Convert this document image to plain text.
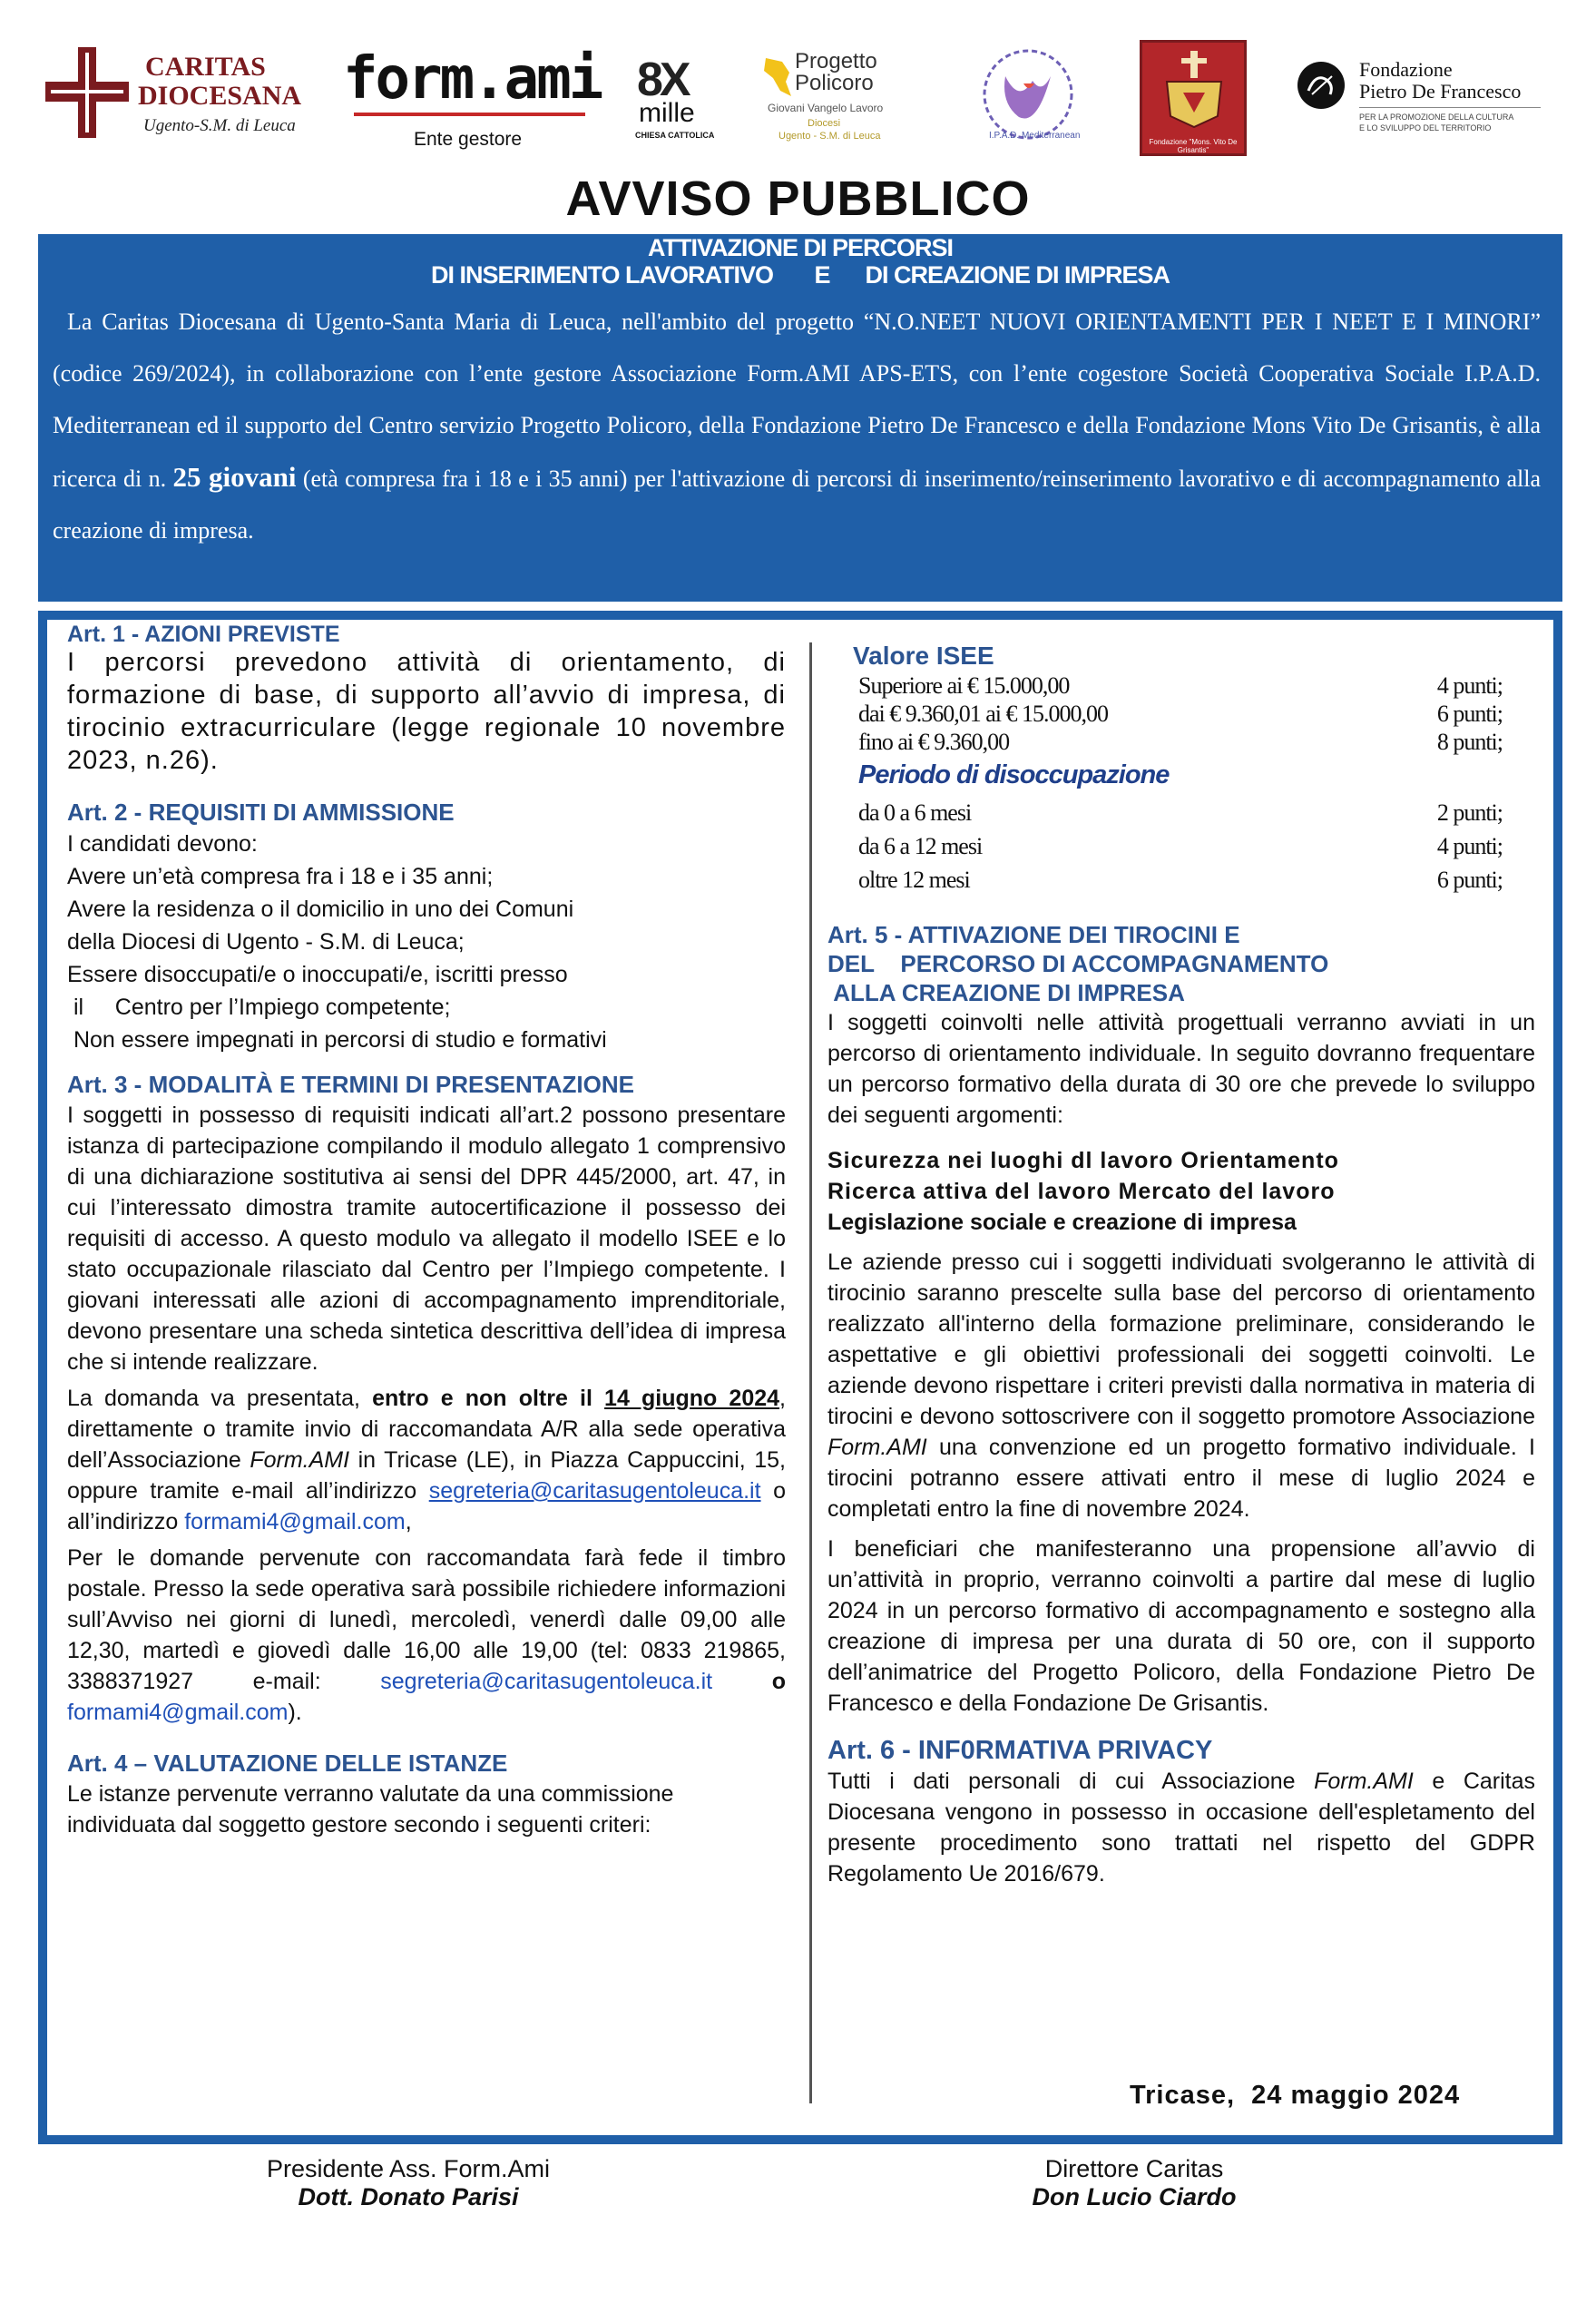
CARITAS
DIOCESANA
Ugento-S.M. di Leuca
form.ami
Ente gestore
8X
mille
CHIESA CATTOLICA
Progetto
Policoro
Giovani Vangelo Lavoro
Diocesi
Ugento - S.M. di Leuca	I.P.A.D. Mediterranean
Fondazione "Mons. Vito De Grisantis"
Fondazione
Pietro De Francesco
PER LA PROMOZIONE DELLA CULTURA
E LO SVILUPPO DEL TERRITORIO
AVVISO PUBBLICO
ATTIVAZIONE DI PERCORSI
DI INSERIMENTO LAVORATIVO       E      DI CREAZIONE DI IMPRESA
La Caritas Diocesana di Ugento-Santa Maria di Leuca, nell'ambito del progetto “N.O.NEET NUOVI ORIENTAMENTI PER I NEET E I MINORI” (codice 269/2024), in collaborazione con l’ente gestore Associazione Form.AMI APS-ETS, con l’ente cogestore Società Cooperativa Sociale I.P.A.D. Mediterranean ed il supporto del Centro servizio Progetto Policoro, della Fondazione Pietro De Francesco e della Fondazione Mons Vito De Grisantis, è alla ricerca di n. 25 giovani (età compresa fra i 18 e i 35 anni) per l'attivazione di percorsi di inserimento/reinserimento lavorativo e di accompagnamento alla creazione di impresa.
Art. 1 - AZIONI PREVISTE
I percorsi prevedono attività di orientamento, di formazione di base, di supporto all’avvio di impresa, di tirocinio extracurriculare (legge regionale 10 novembre 2023, n.26).
Art. 2 - REQUISITI DI AMMISSIONE
I candidati devono:
Avere un’età compresa fra i 18 e i 35 anni;
Avere la residenza o il domicilio in uno dei Comuni
della Diocesi di Ugento - S.M. di Leuca;
Essere disoccupati/e o inoccupati/e, iscritti presso
il     Centro per l’Impiego competente;
Non essere impegnati in percorsi di studio e formativi
Art. 3 - MODALITÀ E TERMINI DI PRESENTAZIONE
I soggetti in possesso di requisiti indicati all’art.2 possono presentare istanza di partecipazione compilando il modulo allegato 1 comprensivo di una dichiarazione sostitutiva ai sensi del DPR 445/2000, art. 47, in cui l’interessato dimostra tramite autocertificazione il possesso dei requisiti di accesso. A questo modulo va allegato il modello ISEE e lo stato occupazionale rilasciato dal Centro per l’Impiego competente. I giovani interessati alle azioni di accompagnamento imprenditoriale, devono presentare una scheda sintetica descrittiva dell’idea di impresa che si intende realizzare.
La domanda va presentata, entro e non oltre il 14 giugno 2024, direttamente o tramite invio di raccomandata A/R alla sede operativa dell’Associazione Form.AMI in Tricase (LE), in Piazza Cappuccini, 15, oppure tramite e-mail all’indirizzo segreteria@caritasugentoleuca.it o all’indirizzo formami4@gmail.com,
Per le domande pervenute con raccomandata farà fede il timbro postale. Presso la sede operativa sarà possibile richiedere informazioni sull’Avviso nei giorni di lunedì, mercoledì, venerdì dalle 09,00 alle 12,30, martedì e giovedì dalle 16,00 alle 19,00 (tel: 0833 219865, 3388371927 e-mail:	segreteria@caritasugentoleuca.it	o formami4@gmail.com).
Art. 4 – VALUTAZIONE DELLE ISTANZE
Le istanze pervenute verranno valutate da una commissione individuata dal soggetto gestore secondo i seguenti criteri:
Valore ISEE
Superiore ai € 15.000,00	4 punti;
dai € 9.360,01 ai € 15.000,00	6 punti;
fino ai € 9.360,00	8 punti;
Periodo di disoccupazione
da 0 a 6 mesi	2 punti;
da 6 a 12 mesi	4 punti;
oltre 12 mesi	6 punti;
Art. 5 - ATTIVAZIONE DEI TIROCINI E
DEL    PERCORSO DI ACCOMPAGNAMENTO
ALLA CREAZIONE DI IMPRESA
I soggetti coinvolti nelle attività progettuali verranno avviati in un percorso di orientamento individuale. In seguito dovranno frequentare un percorso formativo della durata di 30 ore che prevede lo sviluppo dei seguenti argomenti:
Sicurezza nei luoghi dl lavoro Orientamento
Ricerca attiva del lavoro Mercato del lavoro
Legislazione sociale e creazione di impresa
Le aziende presso cui i soggetti individuati svolgeranno le attività di tirocinio saranno prescelte sulla base del percorso di orientamento realizzato all'interno della formazione preliminare, considerando le aspettative e gli obiettivi professionali dei soggetti coinvolti. Le aziende devono rispettare i criteri previsti dalla normativa in materia di tirocini e devono sottoscrivere con il soggetto promotore Associazione Form.AMI una convenzione ed un progetto formativo individuale. I tirocini potranno essere attivati entro il mese di luglio 2024 e completati entro la fine di novembre 2024.
I beneficiari che manifesteranno una propensione all’avvio di un’attività in proprio, verranno coinvolti a partire dal mese di luglio 2024 in un percorso formativo di accompagnamento e sostegno alla creazione di impresa per una durata di 50 ore, con il supporto dell’animatrice del Progetto Policoro, della Fondazione Pietro De Francesco e della Fondazione De Grisantis.
Art. 6 - INF0RMATIVA PRIVACY
Tutti i dati personali di cui Associazione Form.AMI e Caritas Diocesana vengono in possesso in occasione dell'espletamento del presente procedimento sono trattati nel rispetto del GDPR Regolamento Ue 2016/679.
Tricase,  24 maggio 2024
Presidente Ass. Form.Ami
Dott. Donato Parisi
Direttore Caritas
Don Lucio Ciardo
